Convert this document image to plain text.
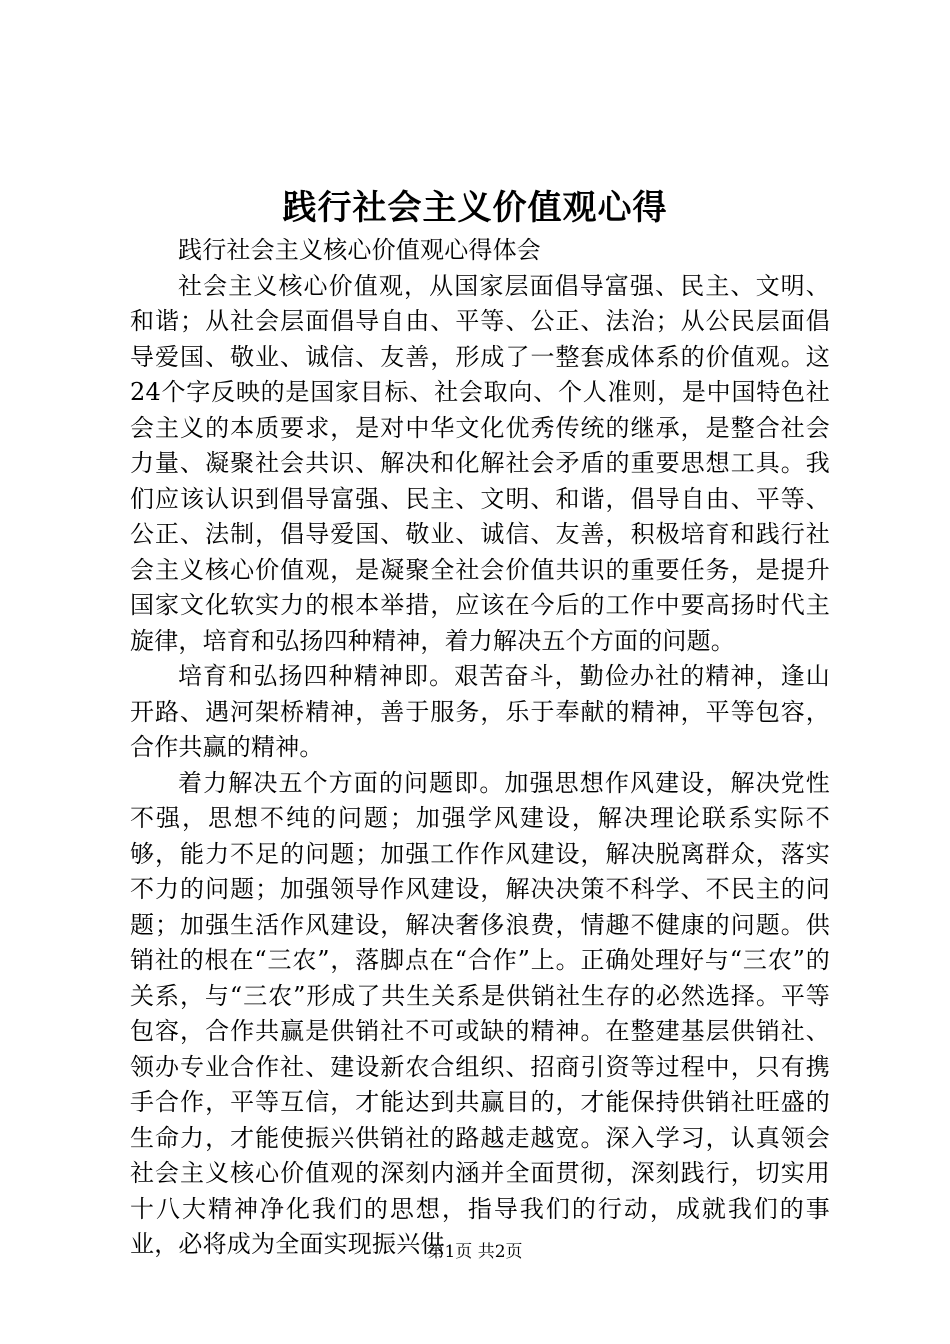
践行社会主义价值观心得

践行社会主义核心价值观心得体会

社会主义核心价值观，从国家层面倡导富强、民主、文明、和谐；从社会层面倡导自由、平等、公正、法治；从公民层面倡导爱国、敬业、诚信、友善，形成了一整套成体系的价值观。这24个字反映的是国家目标、社会取向、个人准则，是中国特色社会主义的本质要求，是对中华文化优秀传统的继承，是整合社会力量、凝聚社会共识、解决和化解社会矛盾的重要思想工具。我们应该认识到倡导富强、民主、文明、和谐，倡导自由、平等、公正、法制，倡导爱国、敬业、诚信、友善，积极培育和践行社会主义核心价值观，是凝聚全社会价值共识的重要任务，是提升国家文化软实力的根本举措，应该在今后的工作中要高扬时代主旋律，培育和弘扬四种精神，着力解决五个方面的问题。

培育和弘扬四种精神即。艰苦奋斗，勤俭办社的精神，逢山开路、遇河架桥精神，善于服务，乐于奉献的精神，平等包容，合作共赢的精神。

着力解决五个方面的问题即。加强思想作风建设，解决党性不强，思想不纯的问题；加强学风建设，解决理论联系实际不够，能力不足的问题；加强工作作风建设，解决脱离群众，落实不力的问题；加强领导作风建设，解决决策不科学、不民主的问题；加强生活作风建设，解决奢侈浪费，情趣不健康的问题。供销社的根在“三农”，落脚点在“合作”上。正确处理好与“三农”的关系，与“三农”形成了共生关系是供销社生存的必然选择。平等包容，合作共赢是供销社不可或缺的精神。在整建基层供销社、领办专业合作社、建设新农合组织、招商引资等过程中，只有携手合作，平等互信，才能达到共赢目的，才能保持供销社旺盛的生命力，才能使振兴供销社的路越走越宽。深入学习，认真领会社会主义核心价值观的深刻内涵并全面贯彻，深刻践行，切实用十八大精神净化我们的思想，指导我们的行动，成就我们的事业，必将成为全面实现振兴供

第1页 共2页
